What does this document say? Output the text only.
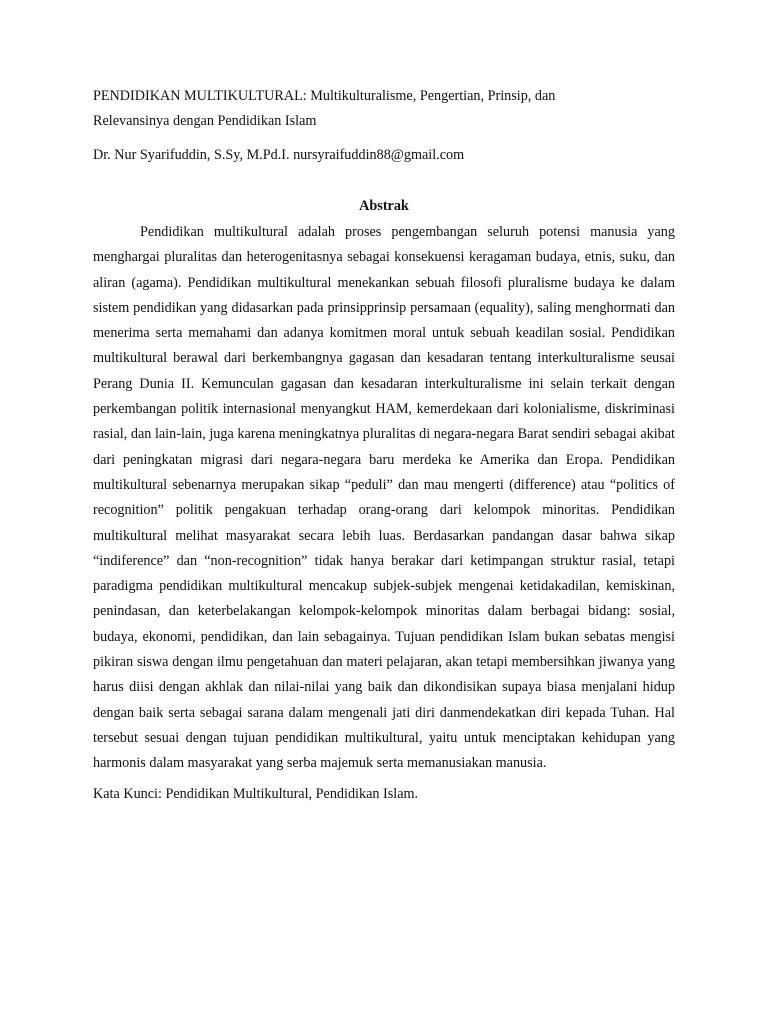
PENDIDIKAN MULTIKULTURAL: Multikulturalisme, Pengertian, Prinsip, dan
Relevansinya dengan Pendidikan Islam

Dr. Nur Syarifuddin, S.Sy, M.Pd.I. nursyraifuddin88@gmail.com

Abstrak

Pendidikan multikultural adalah proses pengembangan seluruh potensi manusia yang menghargai pluralitas dan heterogenitasnya sebagai konsekuensi keragaman budaya, etnis, suku, dan aliran (agama). Pendidikan multikultural menekankan sebuah filosofi pluralisme budaya ke dalam sistem pendidikan yang didasarkan pada prinsipprinsip persamaan (equality), saling menghormati dan menerima serta memahami dan adanya komitmen moral untuk sebuah keadilan sosial. Pendidikan multikultural berawal dari berkembangnya gagasan dan kesadaran tentang interkulturalisme seusai Perang Dunia II. Kemunculan gagasan dan kesadaran interkulturalisme ini selain terkait dengan perkembangan politik internasional menyangkut HAM, kemerdekaan dari kolonialisme, diskriminasi rasial, dan lain-lain, juga karena meningkatnya pluralitas di negara-negara Barat sendiri sebagai akibat dari peningkatan migrasi dari negara-negara baru merdeka ke Amerika dan Eropa. Pendidikan multikultural sebenarnya merupakan sikap “peduli” dan mau mengerti (difference) atau “politics of recognition” politik pengakuan terhadap orang-orang dari kelompok minoritas. Pendidikan multikultural melihat masyarakat secara lebih luas. Berdasarkan pandangan dasar bahwa sikap “indiference” dan “non-recognition” tidak hanya berakar dari ketimpangan struktur rasial, tetapi paradigma pendidikan multikultural mencakup subjek-subjek mengenai ketidakadilan, kemiskinan, penindasan, dan keterbelakangan kelompok-kelompok minoritas dalam berbagai bidang: sosial, budaya, ekonomi, pendidikan, dan lain sebagainya. Tujuan pendidikan Islam bukan sebatas mengisi pikiran siswa dengan ilmu pengetahuan dan materi pelajaran, akan tetapi membersihkan jiwanya yang harus diisi dengan akhlak dan nilai-nilai yang baik dan dikondisikan supaya biasa menjalani hidup dengan baik serta sebagai sarana dalam mengenali jati diri danmendekatkan diri kepada Tuhan. Hal tersebut sesuai dengan tujuan pendidikan multikultural, yaitu untuk menciptakan kehidupan yang harmonis dalam masyarakat yang serba majemuk serta memanusiakan manusia.

Kata Kunci: Pendidikan Multikultural, Pendidikan Islam.
